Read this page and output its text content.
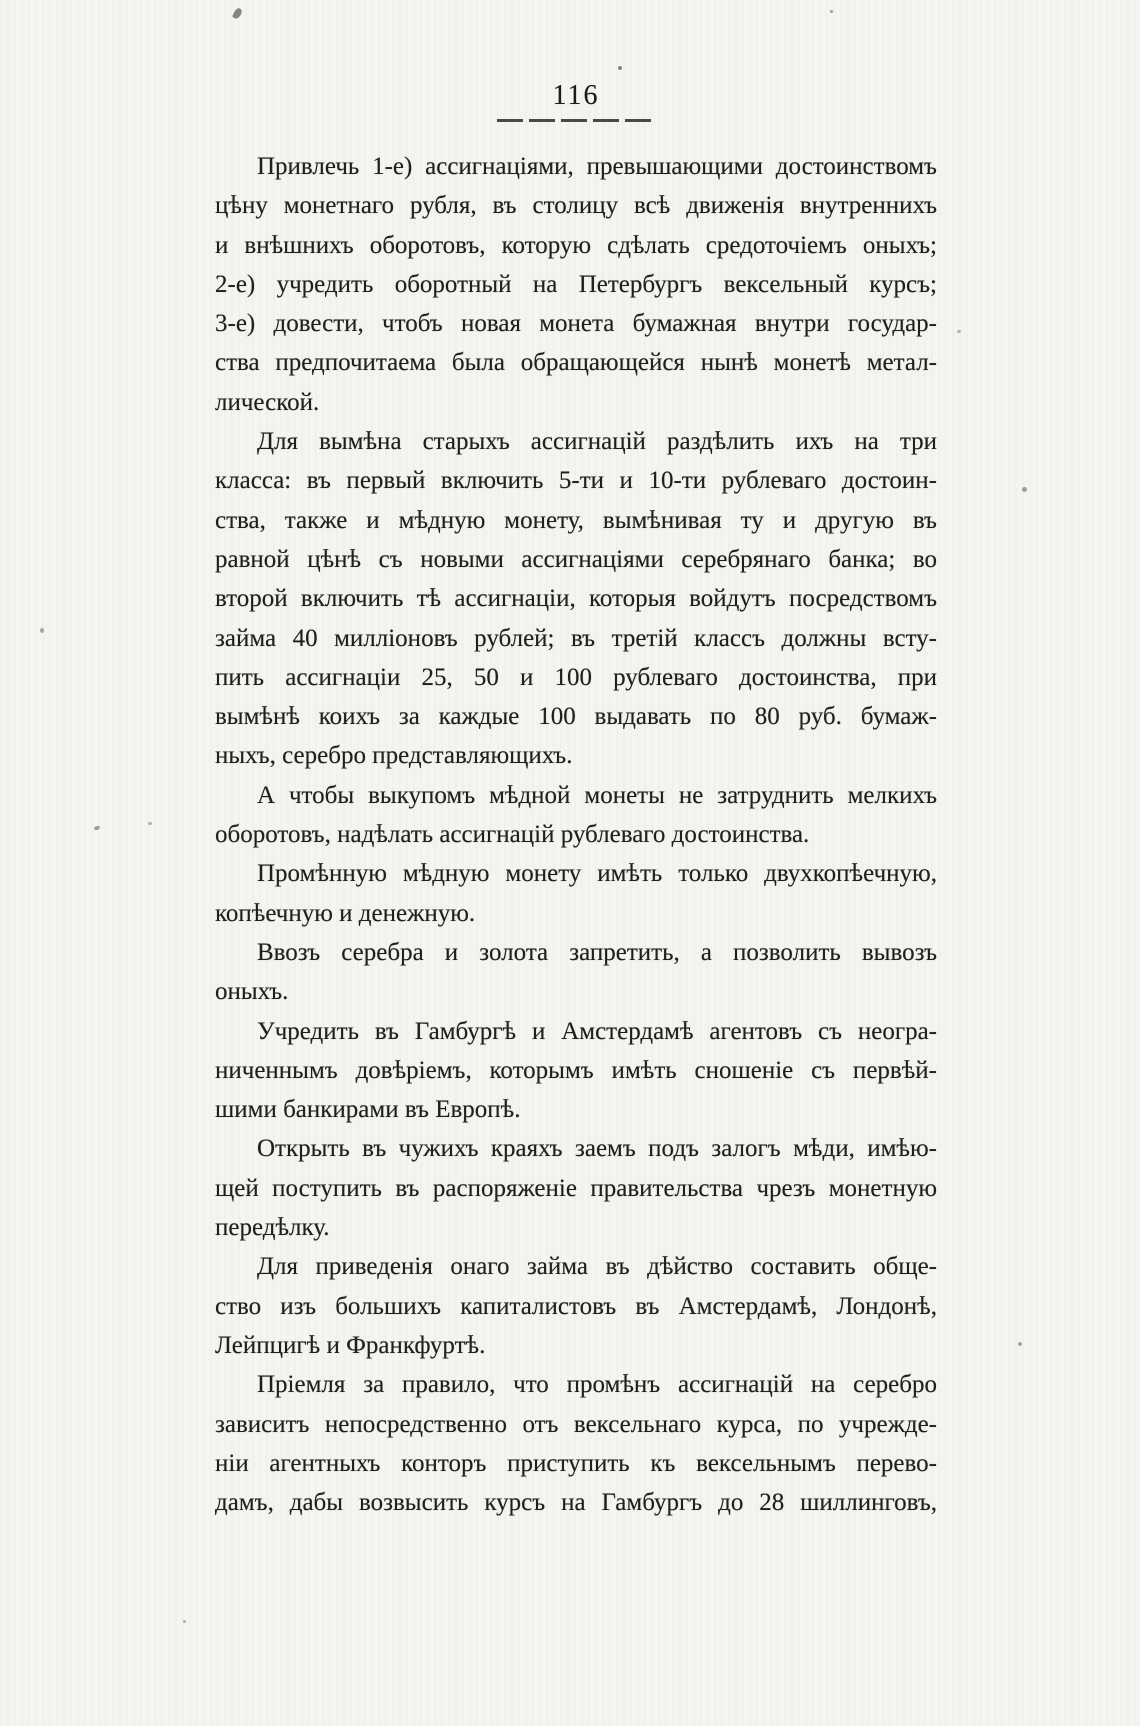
116
Привлечь 1-е) ассигнаціями, превышающими достоинствомъ
цѣну монетнаго рубля, въ столицу всѣ движенія внутреннихъ
и внѣшнихъ оборотовъ, которую сдѣлать средоточіемъ оныхъ;
2-е) учредить оборотный на Петербургъ вексельный курсъ;
3-е) довести, чтобъ новая монета бумажная внутри государ-
ства предпочитаема была обращающейся нынѣ монетѣ метал-
лической.
Для вымѣна старыхъ ассигнацій раздѣлить ихъ на три
класса: въ первый включить 5-ти и 10-ти рублеваго достоин-
ства, также и мѣдную монету, вымѣнивая ту и другую въ
равной цѣнѣ съ новыми ассигнаціями серебрянаго банка; во
второй включить тѣ ассигнаціи, которыя войдутъ посредствомъ
займа 40 милліоновъ рублей; въ третій классъ должны всту-
пить ассигнаціи 25, 50 и 100 рублеваго достоинства, при
вымѣнѣ коихъ за каждые 100 выдавать по 80 руб. бумаж-
ныхъ, серебро представляющихъ.
А чтобы выкупомъ мѣдной монеты не затруднить мелкихъ
оборотовъ, надѣлать ассигнацій рублеваго достоинства.
Промѣнную мѣдную монету имѣть только двухкопѣечную,
копѣечную и денежную.
Ввозъ серебра и золота запретить, а позволить вывозъ
оныхъ.
Учредить въ Гамбургѣ и Амстердамѣ агентовъ съ неогра-
ниченнымъ довѣріемъ, которымъ имѣть сношеніе съ первѣй-
шими банкирами въ Европѣ.
Открыть въ чужихъ краяхъ заемъ подъ залогъ мѣди, имѣю-
щей поступить въ распоряженіе правительства чрезъ монетную
передѣлку.
Для приведенія онаго займа въ дѣйство составить обще-
ство изъ большихъ капиталистовъ въ Амстердамѣ, Лондонѣ,
Лейпцигѣ и Франкфуртѣ.
Пріемля за правило, что промѣнъ ассигнацій на серебро
зависитъ непосредственно отъ вексельнаго курса, по учрежде-
ніи агентныхъ конторъ приступить къ вексельнымъ перево-
дамъ, дабы возвысить курсъ на Гамбургъ до 28 шиллинговъ,
